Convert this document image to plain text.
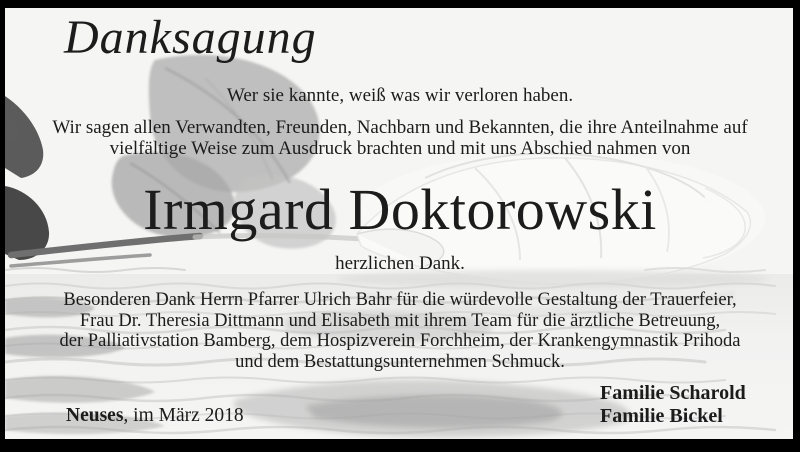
Danksagung
Wer sie kannte, weiß was wir verloren haben.
Wir sagen allen Verwandten, Freunden, Nachbarn und Bekannten, die ihre Anteilnahme auf
vielfältige Weise zum Ausdruck brachten und mit uns Abschied nahmen von
Irmgard Doktorowski
herzlichen Dank.
Besonderen Dank Herrn Pfarrer Ulrich Bahr für die würdevolle Gestaltung der Trauerfeier,
Frau Dr. Theresia Dittmann und Elisabeth mit ihrem Team für die ärztliche Betreuung,
der Palliativstation Bamberg, dem Hospizverein Forchheim, der Krankengymnastik Prihoda
und dem Bestattungsunternehmen Schmuck.
Familie Scharold
Familie Bickel
Neuses, im März 2018
